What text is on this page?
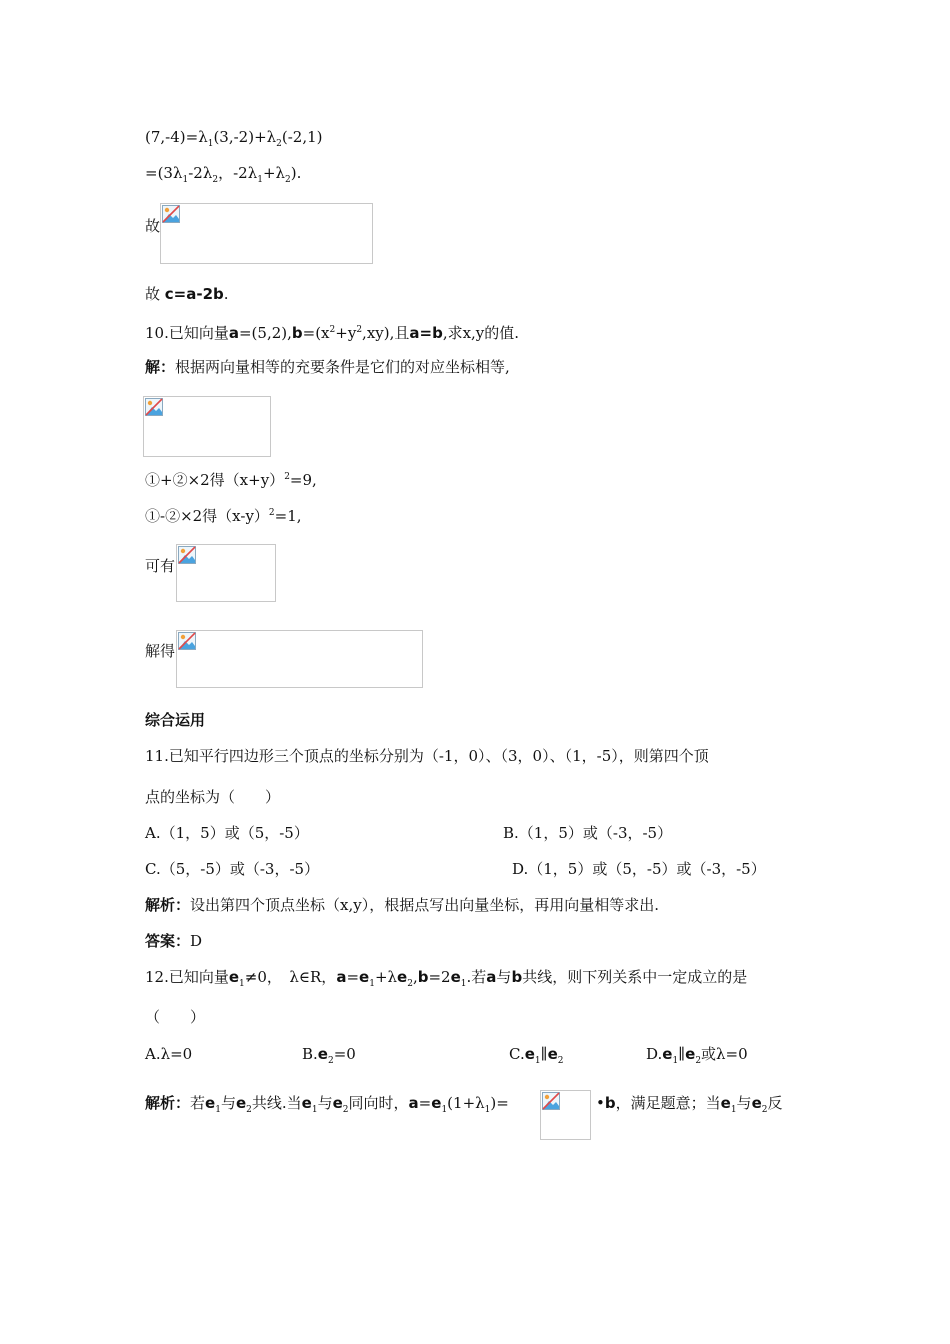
$(7,-4)=\lambda_1(3,-2)+\lambda_2(-2,1)$
$=(3\lambda_1-2\lambda_2$，$-2\lambda_1+\lambda_2$).
故
故 c=a-2b.
10.已知向量$a=(5,2),b=(x^2+y^2,xy)$,且a=b,求x,y的值.
解：根据两向量相等的充要条件是它们的对应坐标相等,
①+②×2得$(x+y)^2=9$,
①-②×2得$(x-y)^2=1$,
可有
解得
综合运用
11.已知平行四边形三个顶点的坐标分别为（-1，0）、（3，0）、（1，-5），则第四个顶
点的坐标为（　　）
A.（1，5）或（5，-5）	B.（1，5）或（-3，-5）
C.（5，-5）或（-3，-5）	D.（1，5）或（5，-5）或（-3，-5）
解析：设出第四个顶点坐标（x,y），根据点写出向量坐标，再用向量相等求出.
答案：D
12.已知向量$e_1\ne 0$，　λ∈R，$a=e_1+\lambda e_2,b=2e_1$.若a与b共线，则下列关系中一定成立的是
（　　）
A.λ=0	$B.e_2=0$	$C.e_1\parallel e_2$	$D.e_1\parallel e_2$或λ=0
解析：若$e_1$与$e_2$共线.当$e_1$与$e_2$同向时，$a=e_1(1+\lambda_1)=$	•b，满足题意；当$e_1$与$e_2$反
